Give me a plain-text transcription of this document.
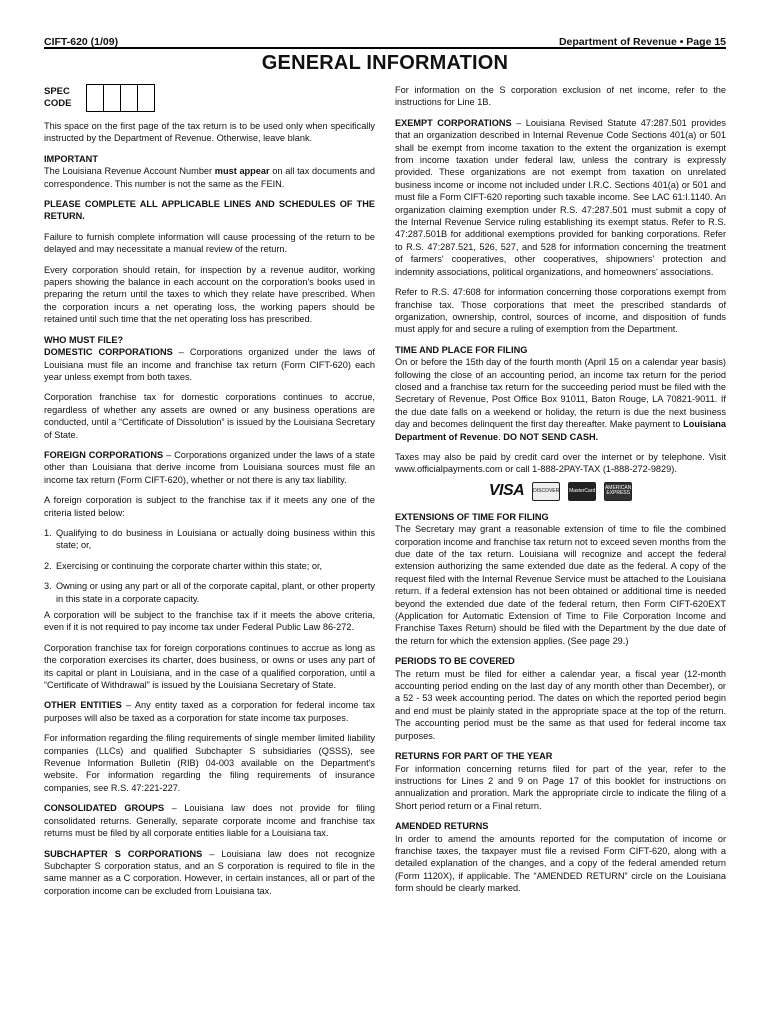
CIFT-620 (1/09)	Department of Revenue • Page 15
GENERAL INFORMATION
SPEC
CODE

This space on the first page of the tax return is to be used only when specifically instructed by the Department of Revenue. Otherwise, leave blank.

IMPORTANT

The Louisiana Revenue Account Number must appear on all tax documents and correspondence. This number is not the same as the FEIN.

PLEASE COMPLETE ALL APPLICABLE LINES AND SCHEDULES OF THE RETURN.

Failure to furnish complete information will cause processing of the return to be delayed and may necessitate a manual review of the return.

Every corporation should retain, for inspection by a revenue auditor, working papers showing the balance in each account on the corporation's books used in preparing the return until the taxes to which they relate have prescribed. When the corporation incurs a net operating loss, the working papers should be retained until such time that the net operating loss has prescribed.

WHO MUST FILE?

DOMESTIC CORPORATIONS – Corporations organized under the laws of Louisiana must file an income and franchise tax return (Form CIFT-620) each year unless exempt from both taxes.

Corporation franchise tax for domestic corporations continues to accrue, regardless of whether any assets are owned or any business operations are conducted, until a “Certificate of Dissolution” is issued by the Louisiana Secretary of State.

FOREIGN CORPORATIONS – Corporations organized under the laws of a state other than Louisiana that derive income from Louisiana sources must file an income tax return (Form CIFT-620), whether or not there is any tax liability.

A foreign corporation is subject to the franchise tax if it meets any one of the criteria listed below:

1. Qualifying to do business in Louisiana or actually doing business within this state; or,
2. Exercising or continuing the corporate charter within this state; or,
3. Owning or using any part or all of the corporate capital, plant, or other property in this state in a corporate capacity.

A corporation will be subject to the franchise tax if it meets the above criteria, even if it is not required to pay income tax under Federal Public Law 86-272.

Corporation franchise tax for foreign corporations continues to accrue as long as the corporation exercises its charter, does business, or owns or uses any part of its capital or plant in Louisiana, and in the case of a qualified corporation, until a “Certificate of Withdrawal” is issued by the Louisiana Secretary of State.

OTHER ENTITIES – Any entity taxed as a corporation for federal income tax purposes will also be taxed as a corporation for state income tax purposes.

For information regarding the filing requirements of single member limited liability companies (LLCs) and qualified Subchapter S subsidiaries (QSSS), see Revenue Information Bulletin (RIB) 04-003 available on the Department's website. For information regarding the filing requirements of insurance companies, see R.S. 47:221-227.

CONSOLIDATED GROUPS – Louisiana law does not provide for filing consolidated returns. Generally, separate corporate income and franchise tax returns must be filed by all corporate entities liable for a Louisiana tax.

SUBCHAPTER S CORPORATIONS – Louisiana law does not recognize Subchapter S corporation status, and an S corporation is required to file in the same manner as a C corporation. However, in certain instances, all or part of the corporation income can be excluded from Louisiana tax.

For information on the S corporation exclusion of net income, refer to the instructions for Line 1B.

EXEMPT CORPORATIONS – Louisiana Revised Statute 47:287.501 provides that an organization described in Internal Revenue Code Sections 401(a) or 501 shall be exempt from income taxation to the extent the organization is exempt from income taxation under federal law, unless the contrary is expressly provided. These organizations are not exempt from taxation on unrelated business income or income not included under I.R.C. Sections 401(a) or 501 and must file a Form CIFT-620 reporting such taxable income. See LAC 61:I.1140. An organization claiming exemption under R.S. 47:287.501 must submit a copy of the Internal Revenue Service ruling establishing its exempt status. Refer to R.S. 47:287.501B for additional exemptions provided for banking corporations. Refer to R.S. 47:287.521, 526, 527, and 528 for information concerning the treatment of farmers' cooperatives, other cooperatives, shipowners' protection and indemnity associations, political organizations, and homeowners' associations.

Refer to R.S. 47:608 for information concerning those corporations exempt from franchise tax. Those corporations that meet the prescribed standards of organization, ownership, control, sources of income, and disposition of funds must apply for and secure a ruling of exemption from the Department.

TIME AND PLACE FOR FILING

On or before the 15th day of the fourth month (April 15 on a calendar year basis) following the close of an accounting period, an income tax return for the period closed and a franchise tax return for the succeeding period must be filed with the Secretary of Revenue, Post Office Box 91011, Baton Rouge, LA 70821-9011. If the due date falls on a weekend or holiday, the return is due the next business day and becomes delinquent the first day thereafter. Make payment to Louisiana Department of Revenue. DO NOT SEND CASH.

Taxes may also be paid by credit card over the internet or by telephone. Visit www.officialpayments.com or call 1-888-2PAY-TAX (1-888-272-9829).

VISA DISCOVER MasterCard AMERICAN EXPRESS

EXTENSIONS OF TIME FOR FILING

The Secretary may grant a reasonable extension of time to file the combined corporation income and franchise tax return not to exceed seven months from the due date of the tax return. Louisiana will recognize and accept the federal extension authorizing the same extended due date as the federal. A copy of the request filed with the Internal Revenue Service must be attached to the Louisiana return. If a federal extension has not been obtained or additional time is needed beyond the extended due date of the federal return, then Form CIFT-620EXT (Application for Automatic Extension of Time to File Corporation Income and Franchise Taxes Return) should be filed with the Department by the due date of the return for which the extension applies. (See page 29.)

PERIODS TO BE COVERED

The return must be filed for either a calendar year, a fiscal year (12-month accounting period ending on the last day of any month other than December), or a 52 - 53 week accounting period. The dates on which the reported period begin and end must be plainly stated in the appropriate space at the top of the return. The accounting period must be the same as that used for federal income tax purposes.

RETURNS FOR PART OF THE YEAR

For information concerning returns filed for part of the year, refer to the instructions for Lines 2 and 9 on Page 17 of this booklet for instructions on annualization and proration. Mark the appropriate circle to indicate the filing of a Short period return or a Final return.

AMENDED RETURNS

In order to amend the amounts reported for the computation of income or franchise taxes, the taxpayer must file a revised Form CIFT-620, along with a detailed explanation of the changes, and a copy of the federal amended return (Form 1120X), if applicable. The “AMENDED RETURN” circle on the Louisiana form should be clearly marked.
